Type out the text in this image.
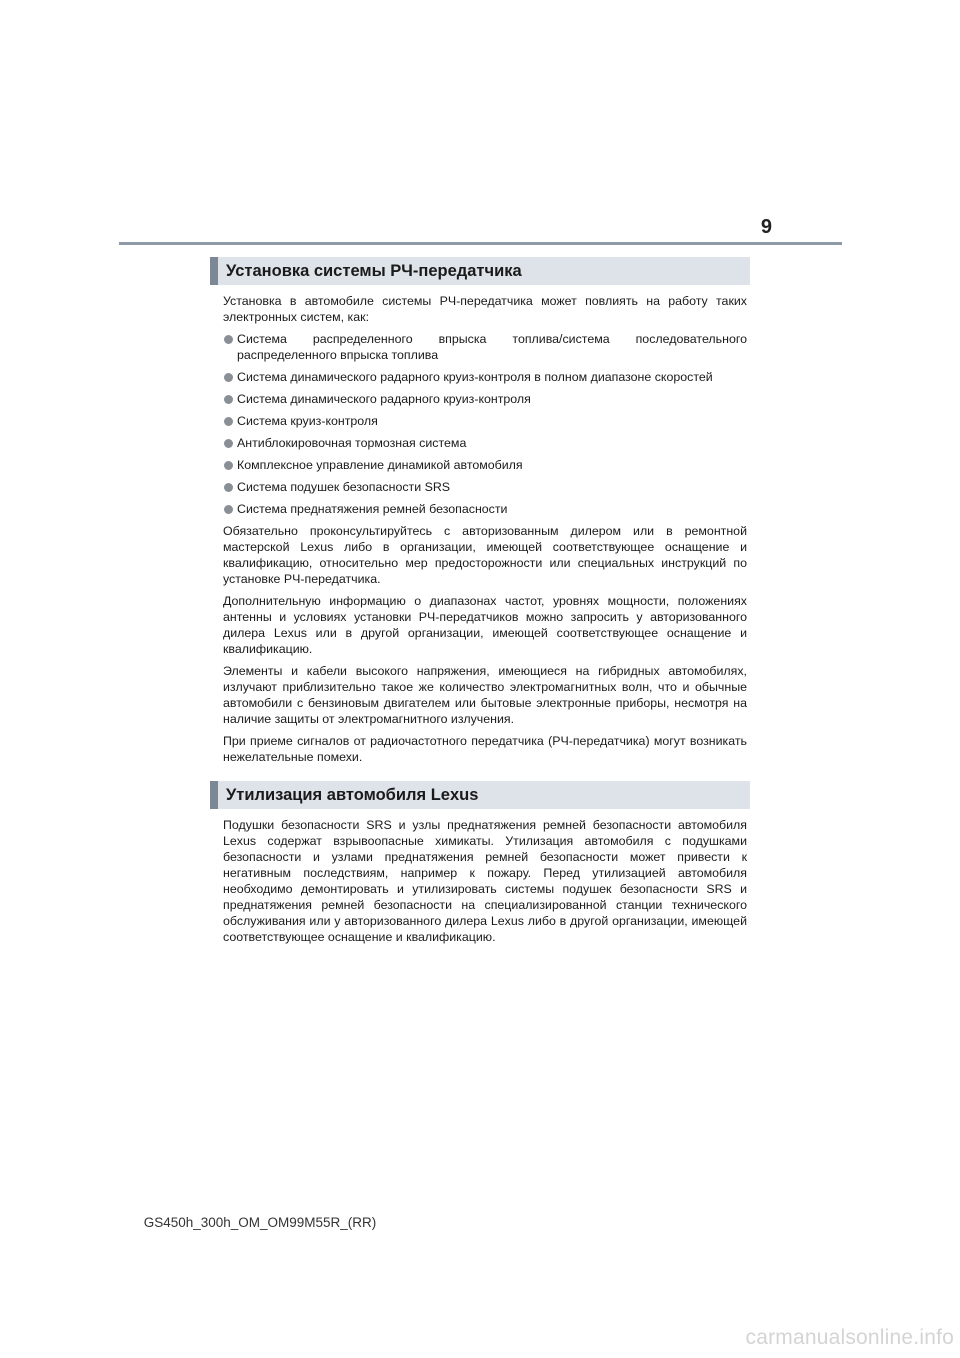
9
Установка системы РЧ-передатчика

Установка в автомобиле системы РЧ-передатчика может повлиять на работу таких электронных систем, как:

Система распределенного впрыска топлива/система последовательного распределенного впрыска топлива
Система динамического радарного круиз-контроля в полном диапазоне скоростей
Система динамического радарного круиз-контроля
Система круиз-контроля
Антиблокировочная тормозная система
Комплексное управление динамикой автомобиля
Система подушек безопасности SRS
Система преднатяжения ремней безопасности

Обязательно проконсультируйтесь с авторизованным дилером или в ремонтной мастерской Lexus либо в организации, имеющей соответствующее оснащение и квалификацию, относительно мер предосторожности или специальных инструкций по установке РЧ-передатчика.

Дополнительную информацию о диапазонах частот, уровнях мощности, положениях антенны и условиях установки РЧ-передатчиков можно запросить у авторизованного дилера Lexus или в другой организации, имеющей соответствующее оснащение и квалификацию.

Элементы и кабели высокого напряжения, имеющиеся на гибридных автомобилях, излучают приблизительно такое же количество электромагнитных волн, что и обычные автомобили с бензиновым двигателем или бытовые электронные приборы, несмотря на наличие защиты от электромагнитного излучения.

При приеме сигналов от радиочастотного передатчика (РЧ-передатчика) могут возникать нежелательные помехи.

Утилизация автомобиля Lexus

Подушки безопасности SRS и узлы преднатяжения ремней безопасности автомобиля Lexus содержат взрывоопасные химикаты. Утилизация автомобиля с подушками безопасности и узлами преднатяжения ремней безопасности может привести к негативным последствиям, например к пожару. Перед утилизацией автомобиля необходимо демонтировать и утилизировать системы подушек безопасности SRS и преднатяжения ремней безопасности на специализированной станции технического обслуживания или у авторизованного дилера Lexus либо в другой организации, имеющей соответствующее оснащение и квалификацию.

GS450h_300h_OM_OM99M55R_(RR)
carmanualsonline.info
